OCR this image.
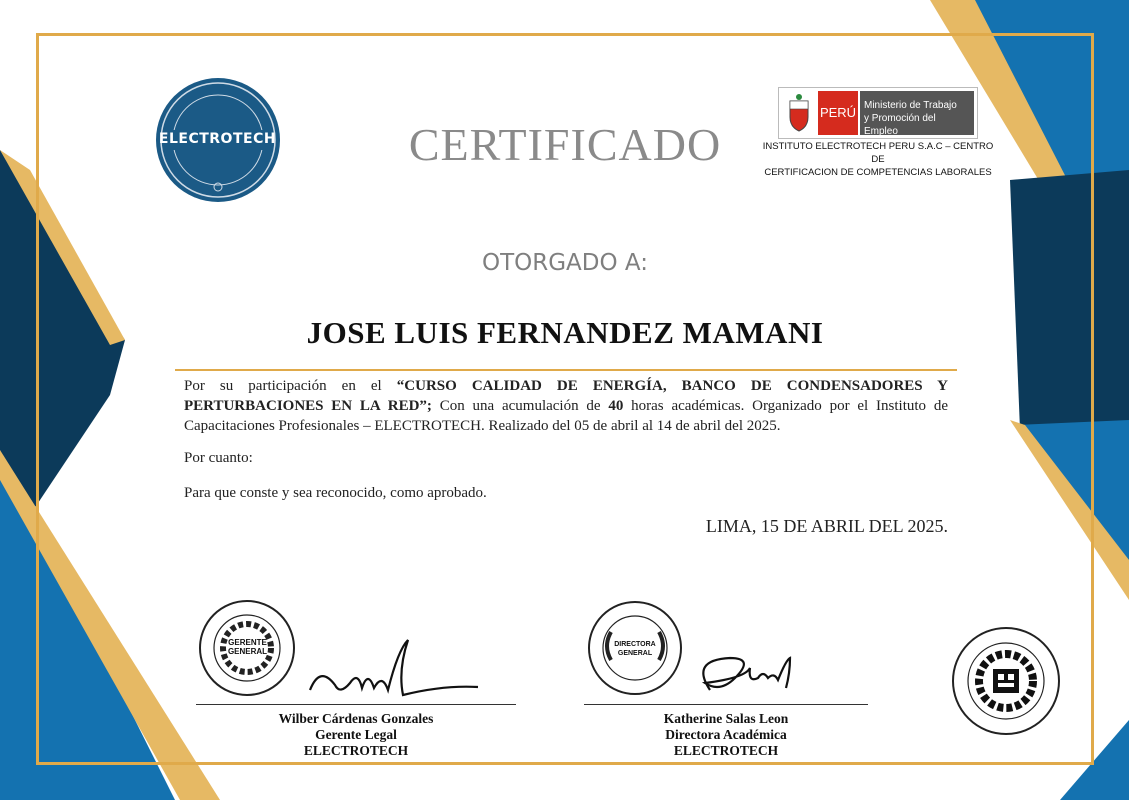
ELECTROTECH	CERTIFICADO
PERÚ Ministerio de Trabajo
y Promoción del Empleo
INSTITUTO ELECTROTECH PERU S.A.C – CENTRO DE
CERTIFICACION DE COMPETENCIAS LABORALES
OTORGADO A:
JOSE LUIS FERNANDEZ MAMANI
Por su participación en el “CURSO CALIDAD DE ENERGÍA, BANCO DE CONDENSADORES Y PERTURBACIONES EN LA RED”; Con una acumulación de 40 horas académicas. Organizado por el Instituto de Capacitaciones Profesionales – ELECTROTECH. Realizado del 05 de abril al 14 de abril del 2025.
Por cuanto:
Para que conste y sea reconocido, como aprobado.
LIMA, 15 DE ABRIL DEL 2025.
GERENTE
GENERAL
Wilber Cárdenas Gonzales
Gerente Legal
ELECTROTECH
DIRECTORA
GENERAL
Katherine Salas Leon
Directora Académica
ELECTROTECH
